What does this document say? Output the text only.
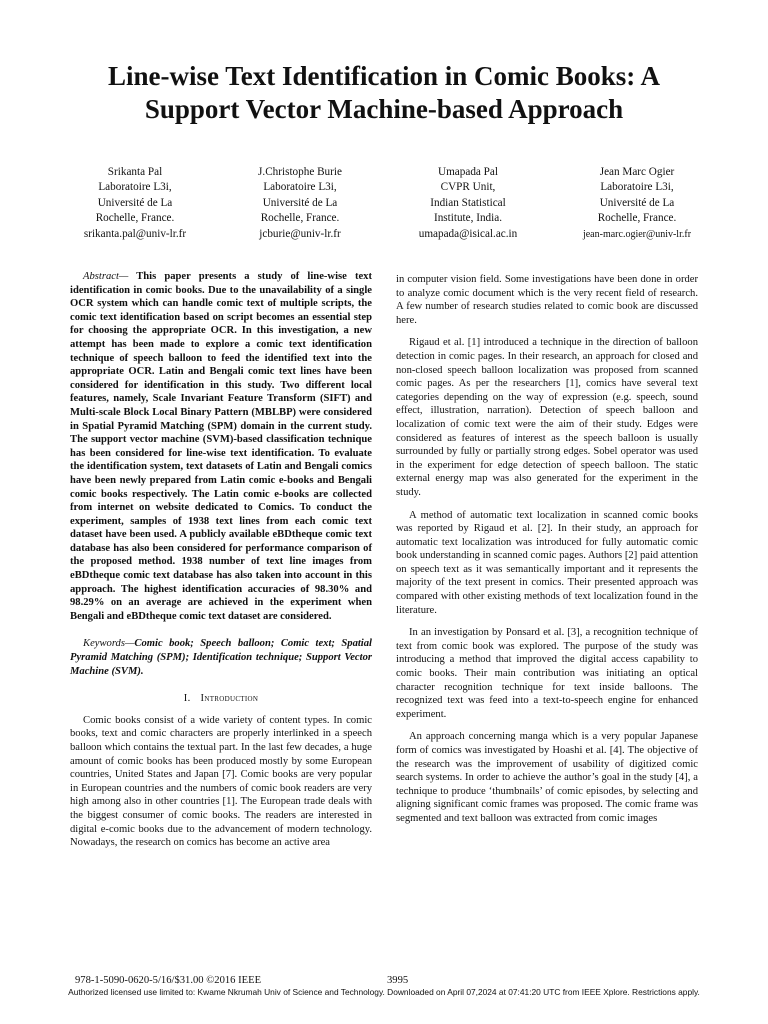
Line-wise Text Identification in Comic Books: A Support Vector Machine-based Approach
Srikanta Pal
Laboratoire L3i,
Université de La
Rochelle, France.
srikanta.pal@univ-lr.fr
J.Christophe Burie
Laboratoire L3i,
Université de La
Rochelle, France.
jcburie@univ-lr.fr
Umapada Pal
CVPR Unit,
Indian Statistical
Institute, India.
umapada@isical.ac.in
Jean Marc Ogier
Laboratoire L3i,
Université de La
Rochelle, France.
jean-marc.ogier@univ-lr.fr

Abstract— This paper presents a study of line-wise text identification in comic books. Due to the unavailability of a single OCR system which can handle comic text of multiple scripts, the comic text identification based on script becomes an essential step for choosing the appropriate OCR. In this investigation, a new attempt has been made to explore a comic text identification technique of speech balloon to feed the identified text into the appropriate OCR. Latin and Bengali comic text lines have been considered for identification in this study. Two different local features, namely, Scale Invariant Feature Transform (SIFT) and Multi-scale Block Local Binary Pattern (MBLBP) were considered in Spatial Pyramid Matching (SPM) domain in the current study. The support vector machine (SVM)-based classification technique has been considered for line-wise text identification. To evaluate the identification system, text datasets of Latin and Bengali comics have been newly prepared from Latin comic e-books and Bengali comic books respectively. The Latin comic e-books are collected from internet on website dedicated to Comics. To conduct the experiment, samples of 1938 text lines from each comic text dataset have been used. A publicly available eBDtheque comic text database has also been considered for performance comparison of the proposed method. 1938 number of text line images from eBDtheque comic text database has also taken into account in this approach. The highest identification accuracies of 98.30% and 98.29% on an average are achieved in the experiment when Bengali and eBDtheque comic text dataset are considered.

Keywords—Comic book; Speech balloon; Comic text; Spatial Pyramid Matching (SPM); Identification technique; Support Vector Machine (SVM).

I. Introduction

Comic books consist of a wide variety of content types. In comic books, text and comic characters are properly interlinked in a speech balloon which contains the textual part. In the last few decades, a huge amount of comic books has been produced mostly by some European countries, United States and Japan [7]. Comic books are very popular in European countries and the numbers of comic book readers are very high among also in other countries [1]. The European trade deals with the biggest consumer of comic books. The readers are interested in digital e-comic books due to the advancement of modern technology. Nowadays, the research on comics has become an active area

in computer vision field. Some investigations have been done in order to analyze comic document which is the very recent field of research. A few number of research studies related to comic book are discussed here.

Rigaud et al. [1] introduced a technique in the direction of balloon detection in comic pages. In their research, an approach for closed and non-closed speech balloon localization was proposed from scanned comic pages. As per the researchers [1], comics have several text categories depending on the way of expression (e.g. speech, sound effect, illustration, narration). Detection of speech balloon and localization of comic text were the aim of their study. Edges were considered as features of interest as the speech balloon is usually surrounded by fully or partially strong edges. Sobel operator was used in the experiment for edge detection of speech balloon. The static external energy map was also generated for the experiment in the study.

A method of automatic text localization in scanned comic books was reported by Rigaud et al. [2]. In their study, an approach for automatic text localization was introduced for fully automatic comic book understanding in scanned comic pages. Authors [2] paid attention on speech text as it was semantically important and it represents the majority of the text present in comics. Their presented approach was compared with other existing methods of text localization found in the literature.

In an investigation by Ponsard et al. [3], a recognition technique of text from comic book was explored. The purpose of the study was introducing a method that improved the digital access capability to comic books. Their main contribution was initiating an optical character recognition technique for text inside balloons. The recognized text was feed into a text-to-speech engine for enhanced experiment.

An approach concerning manga which is a very popular Japanese form of comics was investigated by Hoashi et al. [4]. The objective of the research was the improvement of usability of digitized comic search systems. In order to achieve the author’s goal in the study [4], a technique to produce ‘thumbnails’ of comic episodes, by selecting and aligning significant comic frames was proposed. The comic frame was segmented and text balloon was extracted from comic images

978-1-5090-0620-5/16/$31.00 ©2016 IEEE	3995
Authorized licensed use limited to: Kwame Nkrumah Univ of Science and Technology. Downloaded on April 07,2024 at 07:41:20 UTC from IEEE Xplore. Restrictions apply.
